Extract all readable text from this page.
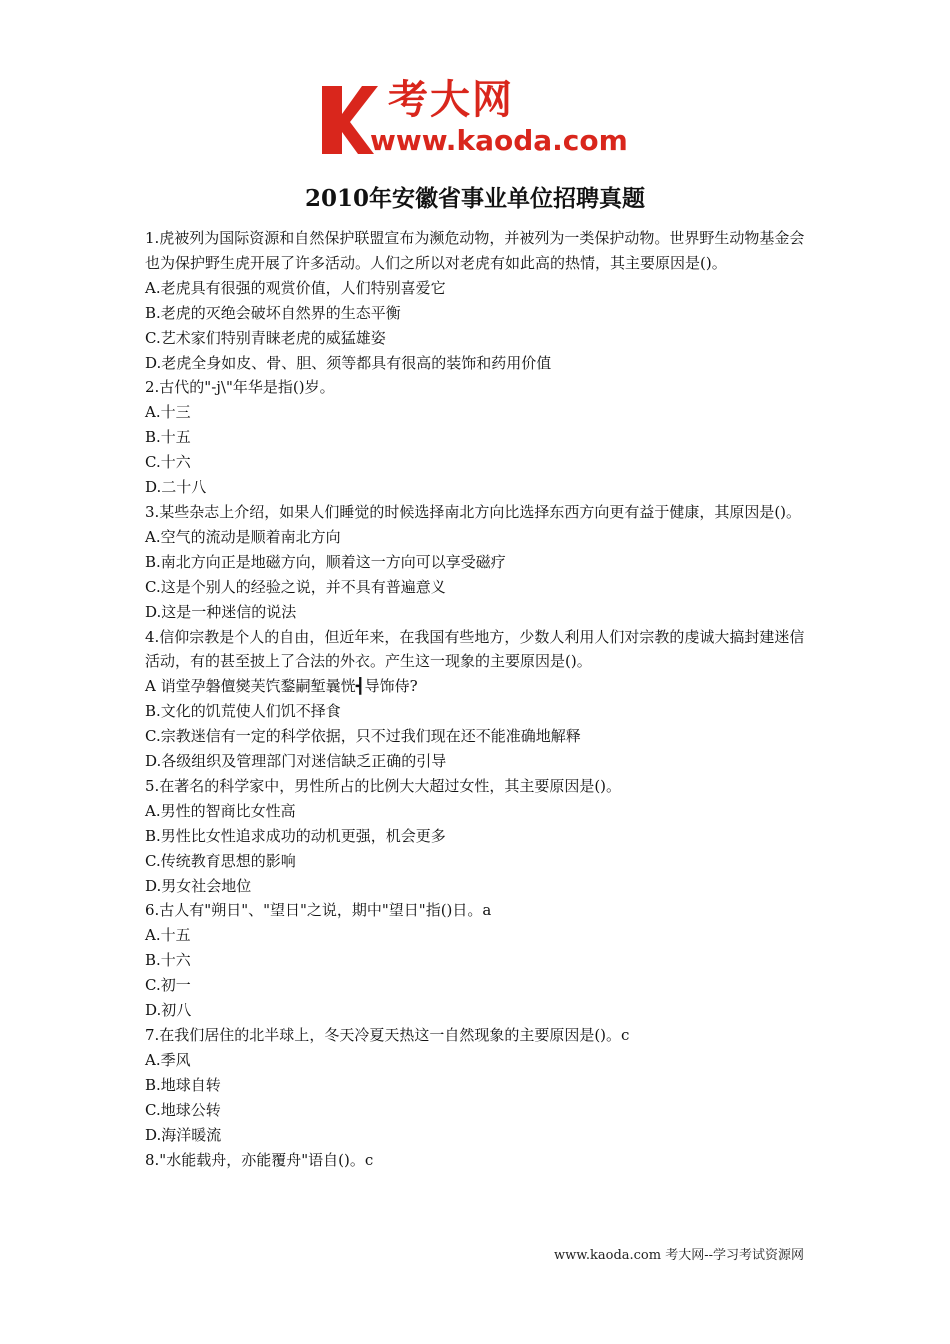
考大网
www.kaoda.com
2010年安徽省事业单位招聘真题

1.虎被列为国际资源和自然保护联盟宣布为濒危动物，并被列为一类保护动物。世界野生动物基金会也为保护野生虎开展了许多活动。人们之所以对老虎有如此高的热情，其主要原因是()。

A.老虎具有很强的观赏价值，人们特别喜爱它

B.老虎的灭绝会破坏自然界的生态平衡

C.艺术家们特别青睐老虎的威猛雄姿

D.老虎全身如皮、骨、胆、须等都具有很高的装饰和药用价值

2.古代的"-j\"年华是指()岁。

A.十三

B.十五

C.十六

D.二十八

3.某些杂志上介绍，如果人们睡觉的时候选择南北方向比选择东西方向更有益于健康，其原因是()。

A.空气的流动是顺着南北方向

B.南北方向正是地磁方向，顺着这一方向可以享受磁疗

C.这是个别人的经验之说，并不具有普遍意义

D.这是一种迷信的说法

4.信仰宗教是个人的自由，但近年来，在我国有些地方，少数人利用人们对宗教的虔诚大搞封建迷信活动，有的甚至披上了合法的外衣。产生这一现象的主要原因是()。

A 诮堂孕磐儃爕芙饩鍪嗣堑曩恍┫导饰侍?

B.文化的饥荒使人们饥不择食

C.宗教迷信有一定的科学依据，只不过我们现在还不能准确地解释

D.各级组织及管理部门对迷信缺乏正确的引导

5.在著名的科学家中，男性所占的比例大大超过女性，其主要原因是()。

A.男性的智商比女性高

B.男性比女性追求成功的动机更强，机会更多

C.传统教育思想的影响

D.男女社会地位

6.古人有"朔日"、"望日"之说，期中"望日"指()日。a

A.十五

B.十六

C.初一

D.初八

7.在我们居住的北半球上，冬天冷夏天热这一自然现象的主要原因是()。c

A.季风

B.地球自转

C.地球公转

D.海洋暖流

8."水能载舟，亦能覆舟"语自()。c

www.kaoda.com 考大网--学习考试资源网
